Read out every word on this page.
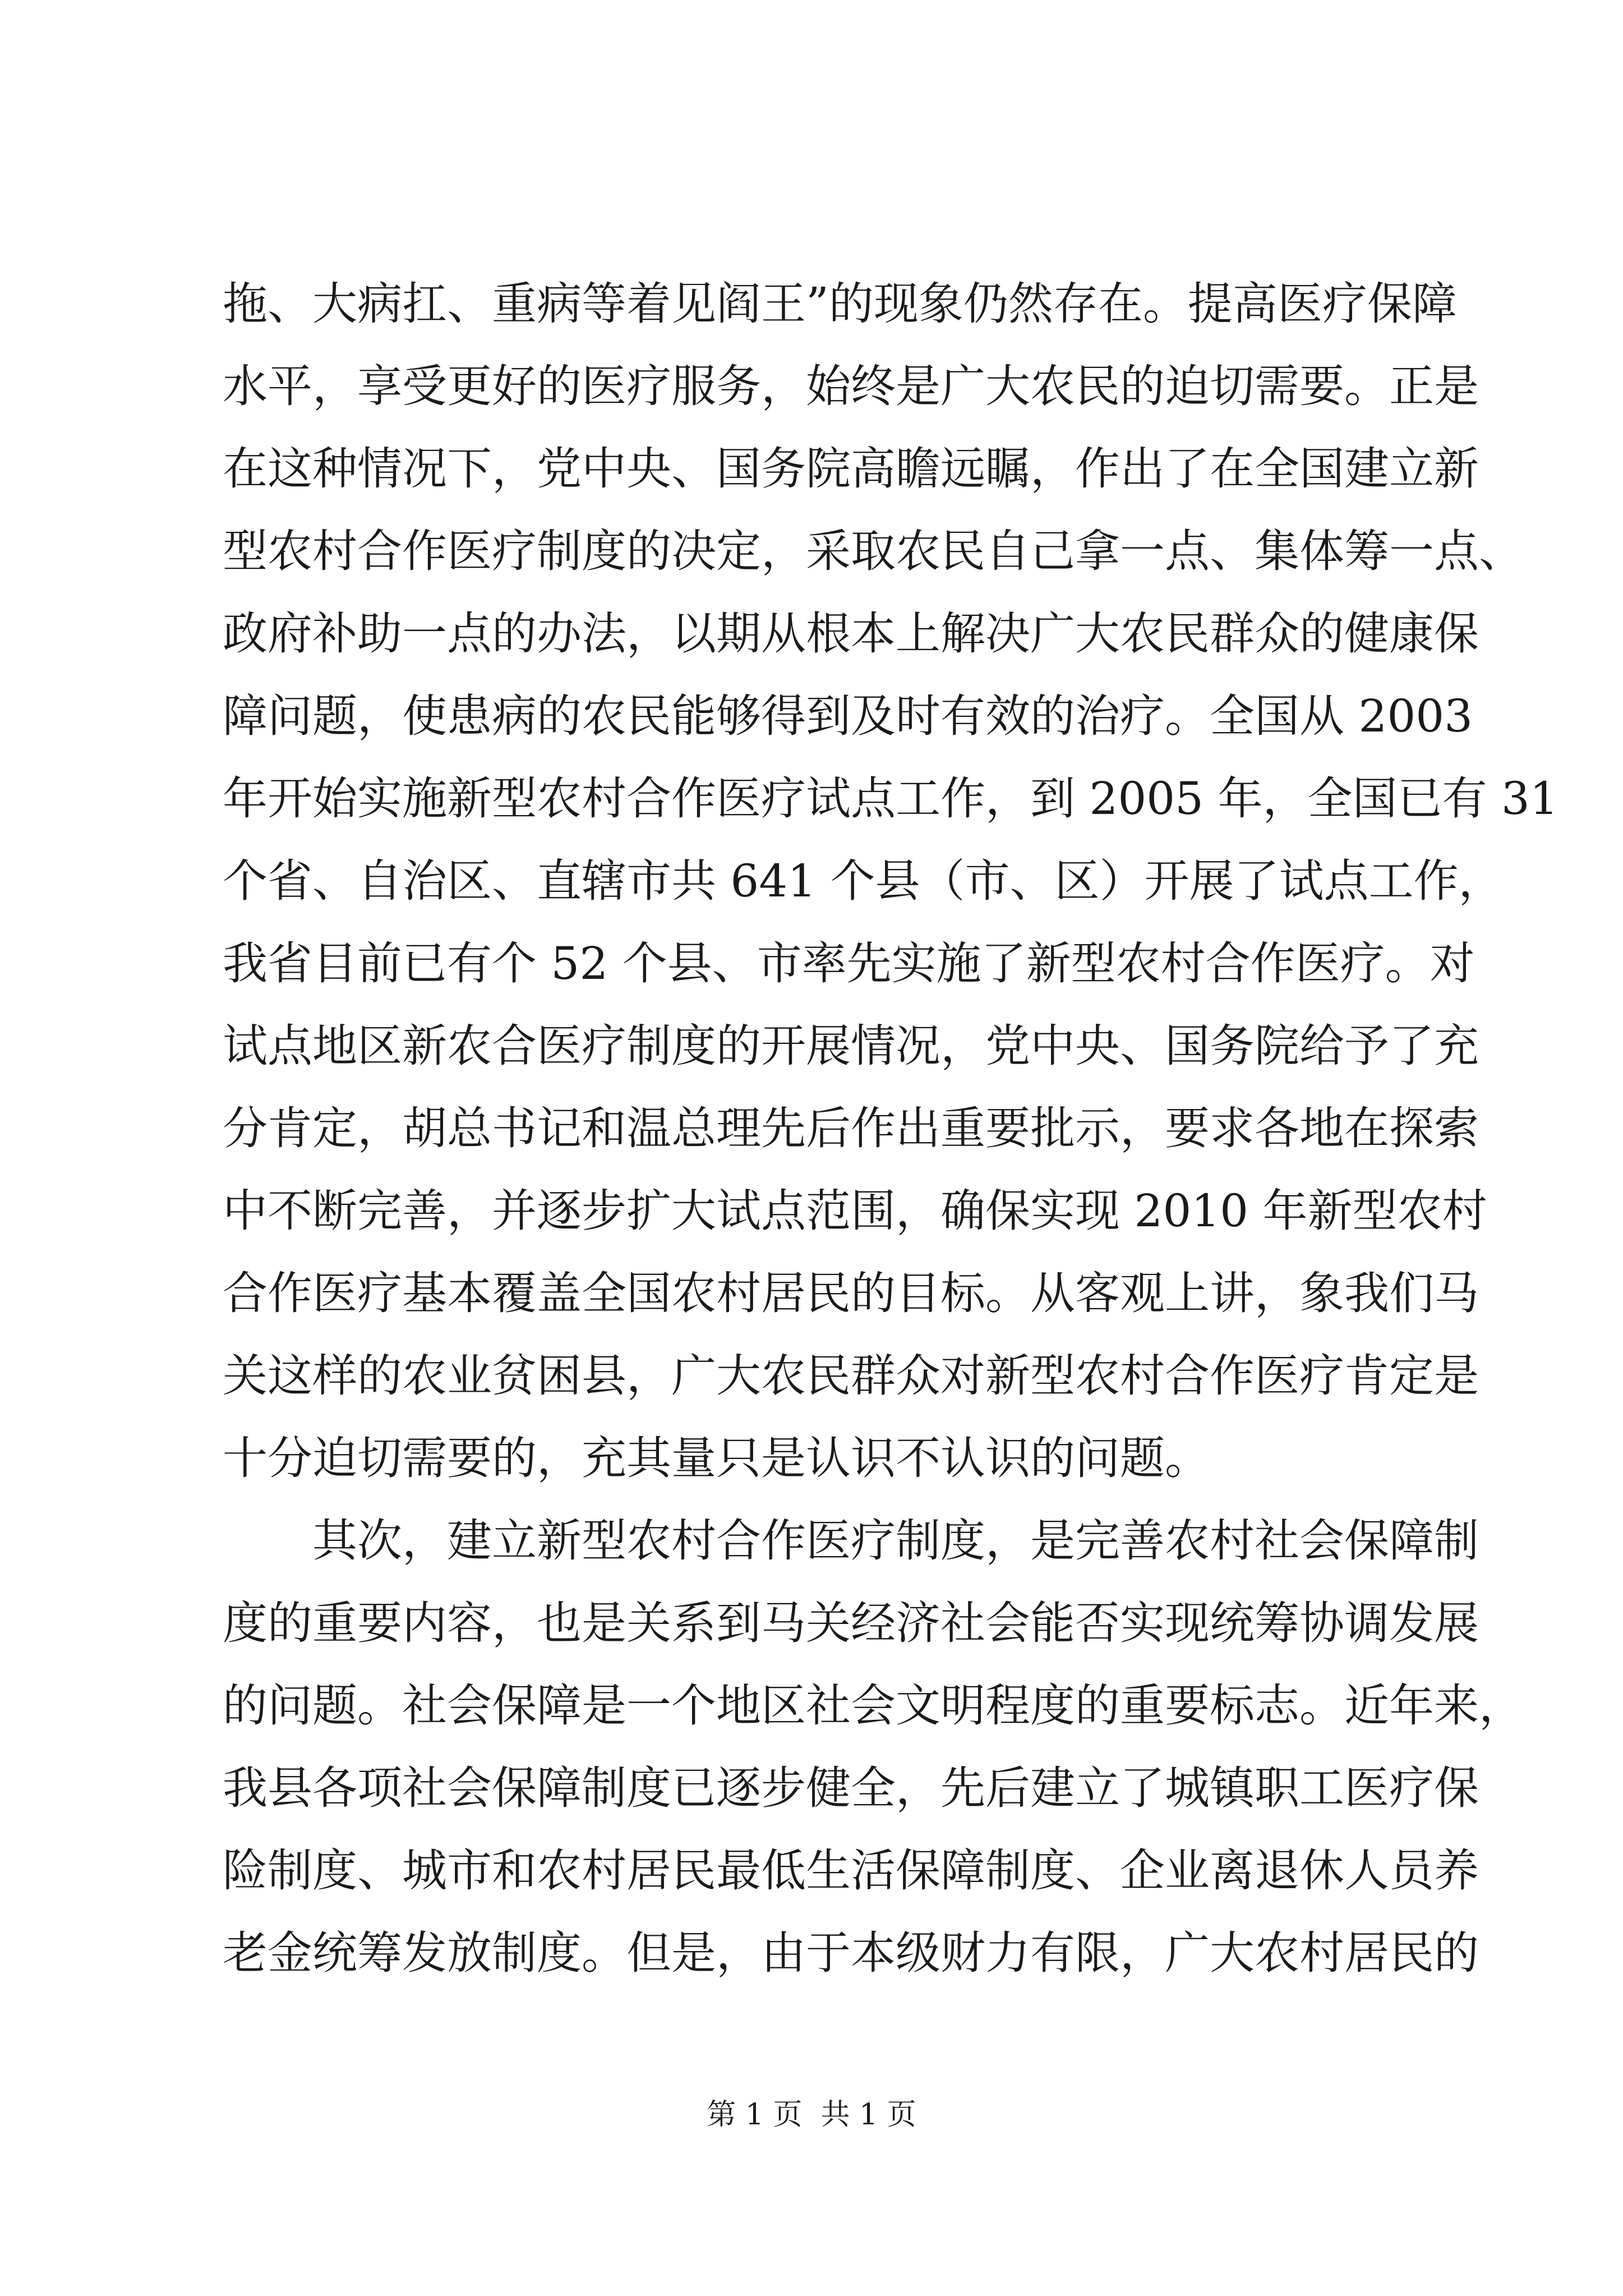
拖、大病扛、重病等着见阎王”的现象仍然存在。提高医疗保障
水平，享受更好的医疗服务，始终是广大农民的迫切需要。正是
在这种情况下，党中央、国务院高瞻远瞩，作出了在全国建立新
型农村合作医疗制度的决定，采取农民自己拿一点、集体筹一点、
政府补助一点的办法，以期从根本上解决广大农民群众的健康保
障问题，使患病的农民能够得到及时有效的治疗。全国从 2003
年开始实施新型农村合作医疗试点工作，到 2005 年，全国已有 31
个省、自治区、直辖市共 641 个县（市、区）开展了试点工作，
我省目前已有个 52 个县、市率先实施了新型农村合作医疗。对
试点地区新农合医疗制度的开展情况，党中央、国务院给予了充
分肯定，胡总书记和温总理先后作出重要批示，要求各地在探索
中不断完善，并逐步扩大试点范围，确保实现 2010 年新型农村
合作医疗基本覆盖全国农村居民的目标。从客观上讲，象我们马
关这样的农业贫困县，广大农民群众对新型农村合作医疗肯定是
十分迫切需要的，充其量只是认识不认识的问题。
其次，建立新型农村合作医疗制度，是完善农村社会保障制
度的重要内容，也是关系到马关经济社会能否实现统筹协调发展
的问题。社会保障是一个地区社会文明程度的重要标志。近年来，
我县各项社会保障制度已逐步健全，先后建立了城镇职工医疗保
险制度、城市和农村居民最低生活保障制度、企业离退休人员养
老金统筹发放制度。但是，由于本级财力有限，广大农村居民的
第 1 页  共 1 页
